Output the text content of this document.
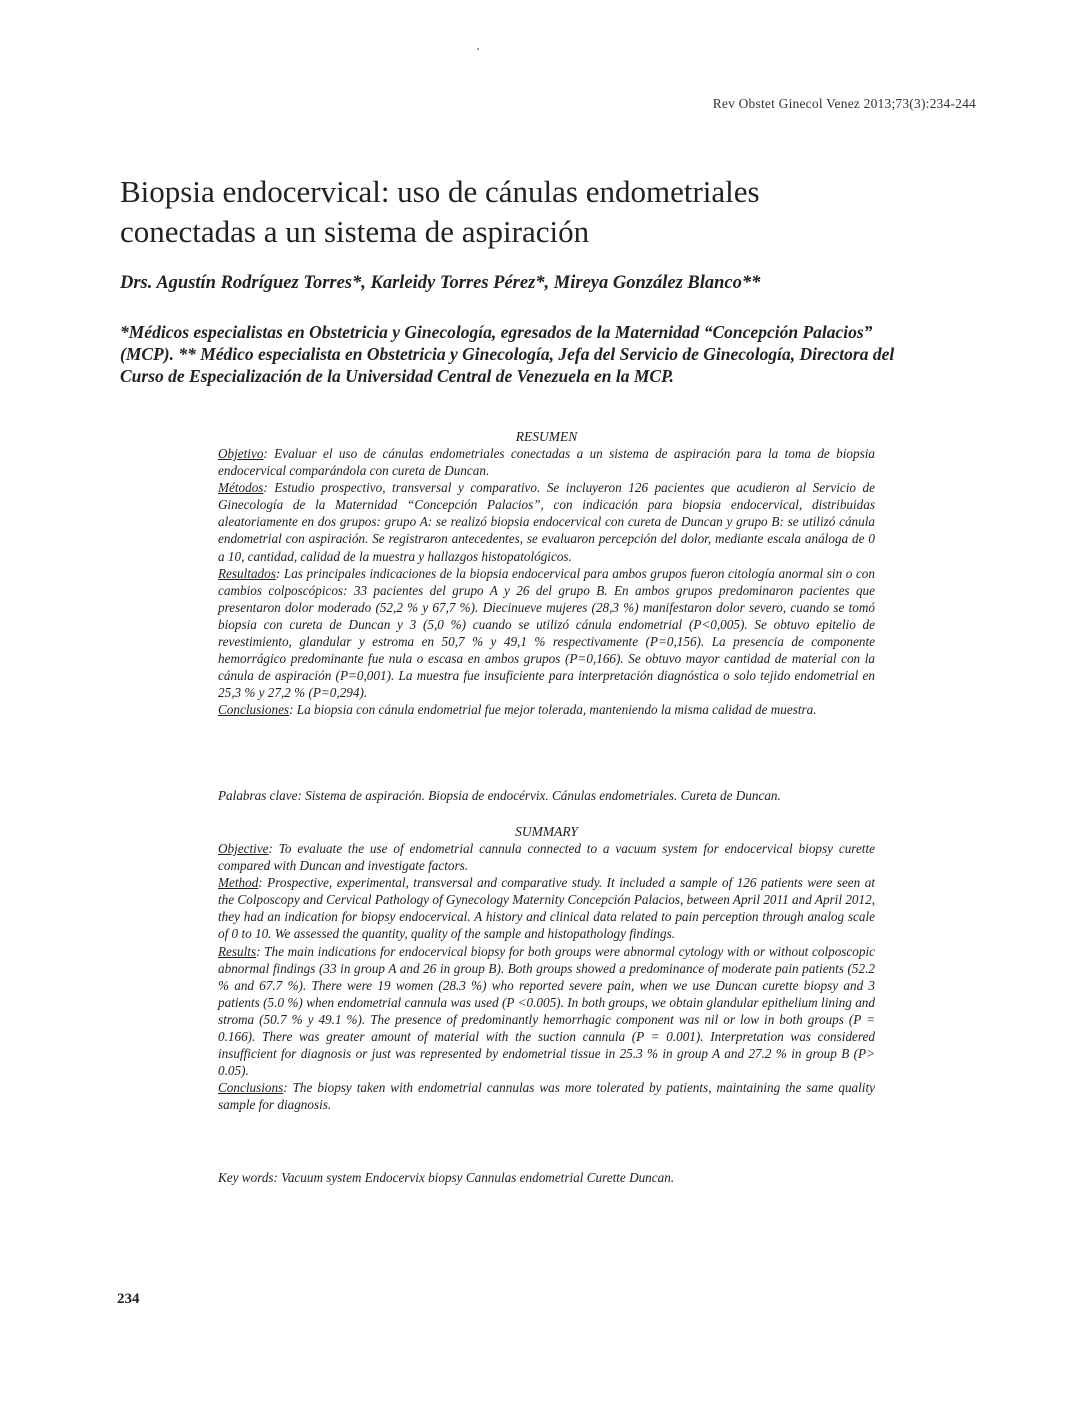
Rev Obstet Ginecol Venez 2013;73(3):234-244
Biopsia endocervical: uso de cánulas endometriales
conectadas a un sistema de aspiración
Drs. Agustín Rodríguez Torres*, Karleidy Torres Pérez*, Mireya González Blanco**
*Médicos especialistas en Obstetricia y Ginecología, egresados de la Maternidad “Concepción Palacios”
(MCP). ** Médico especialista en Obstetricia y Ginecología, Jefa del Servicio de Ginecología, Directora del
Curso de Especialización de la Universidad Central de Venezuela en la MCP.
RESUMEN

Objetivo: Evaluar el uso de cánulas endometriales conectadas a un sistema de aspiración para la toma de biopsia endocervical comparándola con cureta de Duncan.

Métodos: Estudio prospectivo, transversal y comparativo. Se incluyeron 126 pacientes que acudieron al Servicio de Ginecología de la Maternidad “Concepción Palacios”, con indicación para biopsia endocervical, distribuidas aleatoriamente en dos grupos: grupo A: se realizó biopsia endocervical con cureta de Duncan y grupo B: se utilizó cánula endometrial con aspiración. Se registraron antecedentes, se evaluaron percepción del dolor, mediante escala análoga de 0 a 10, cantidad, calidad de la muestra y hallazgos histopatológicos.

Resultados: Las principales indicaciones de la biopsia endocervical para ambos grupos fueron citología anormal sin o con cambios colposcópicos: 33 pacientes del grupo A y 26 del grupo B. En ambos grupos predominaron pacientes que presentaron dolor moderado (52,2 % y 67,7 %). Diecinueve mujeres (28,3 %) manifestaron dolor severo, cuando se tomó biopsia con cureta de Duncan y 3 (5,0 %) cuando se utilizó cánula endometrial (P<0,005). Se obtuvo epitelio de revestimiento, glandular y estroma en 50,7 % y 49,1 % respectivamente (P=0,156). La presencia de componente hemorrágico predominante fue nula o escasa en ambos grupos (P=0,166). Se obtuvo mayor cantidad de material con la cánula de aspiración (P=0,001). La muestra fue insuficiente para interpretación diagnóstica o solo tejido endometrial en 25,3 % y 27,2 % (P=0,294).

Conclusiones: La biopsia con cánula endometrial fue mejor tolerada, manteniendo la misma calidad de muestra.

Palabras clave: Sistema de aspiración. Biopsia de endocérvix. Cánulas endometriales. Cureta de Duncan.
SUMMARY

Objective: To evaluate the use of endometrial cannula connected to a vacuum system for endocervical biopsy curette compared with Duncan and investigate factors.

Method: Prospective, experimental, transversal and comparative study. It included a sample of 126 patients were seen at the Colposcopy and Cervical Pathology of Gynecology Maternity Concepción Palacios, between April 2011 and April 2012, they had an indication for biopsy endocervical. A history and clinical data related to pain perception through analog scale of 0 to 10. We assessed the quantity, quality of the sample and histopathology findings.

Results: The main indications for endocervical biopsy for both groups were abnormal cytology with or without colposcopic abnormal findings (33 in group A and 26 in group B). Both groups showed a predominance of moderate pain patients (52.2 % and 67.7 %). There were 19 women (28.3 %) who reported severe pain, when we use Duncan curette biopsy and 3 patients (5.0 %) when endometrial cannula was used (P <0.005). In both groups, we obtain glandular epithelium lining and stroma (50.7 % y 49.1 %). The presence of predominantly hemorrhagic component was nil or low in both groups (P = 0.166). There was greater amount of material with the suction cannula (P = 0.001). Interpretation was considered insufficient for diagnosis or just was represented by endometrial tissue in 25.3 % in group A and 27.2 % in group B (P> 0.05).

Conclusions: The biopsy taken with endometrial cannulas was more tolerated by patients, maintaining the same quality sample for diagnosis.

Key words: Vacuum system Endocervix biopsy Cannulas endometrial Curette Duncan.
234
